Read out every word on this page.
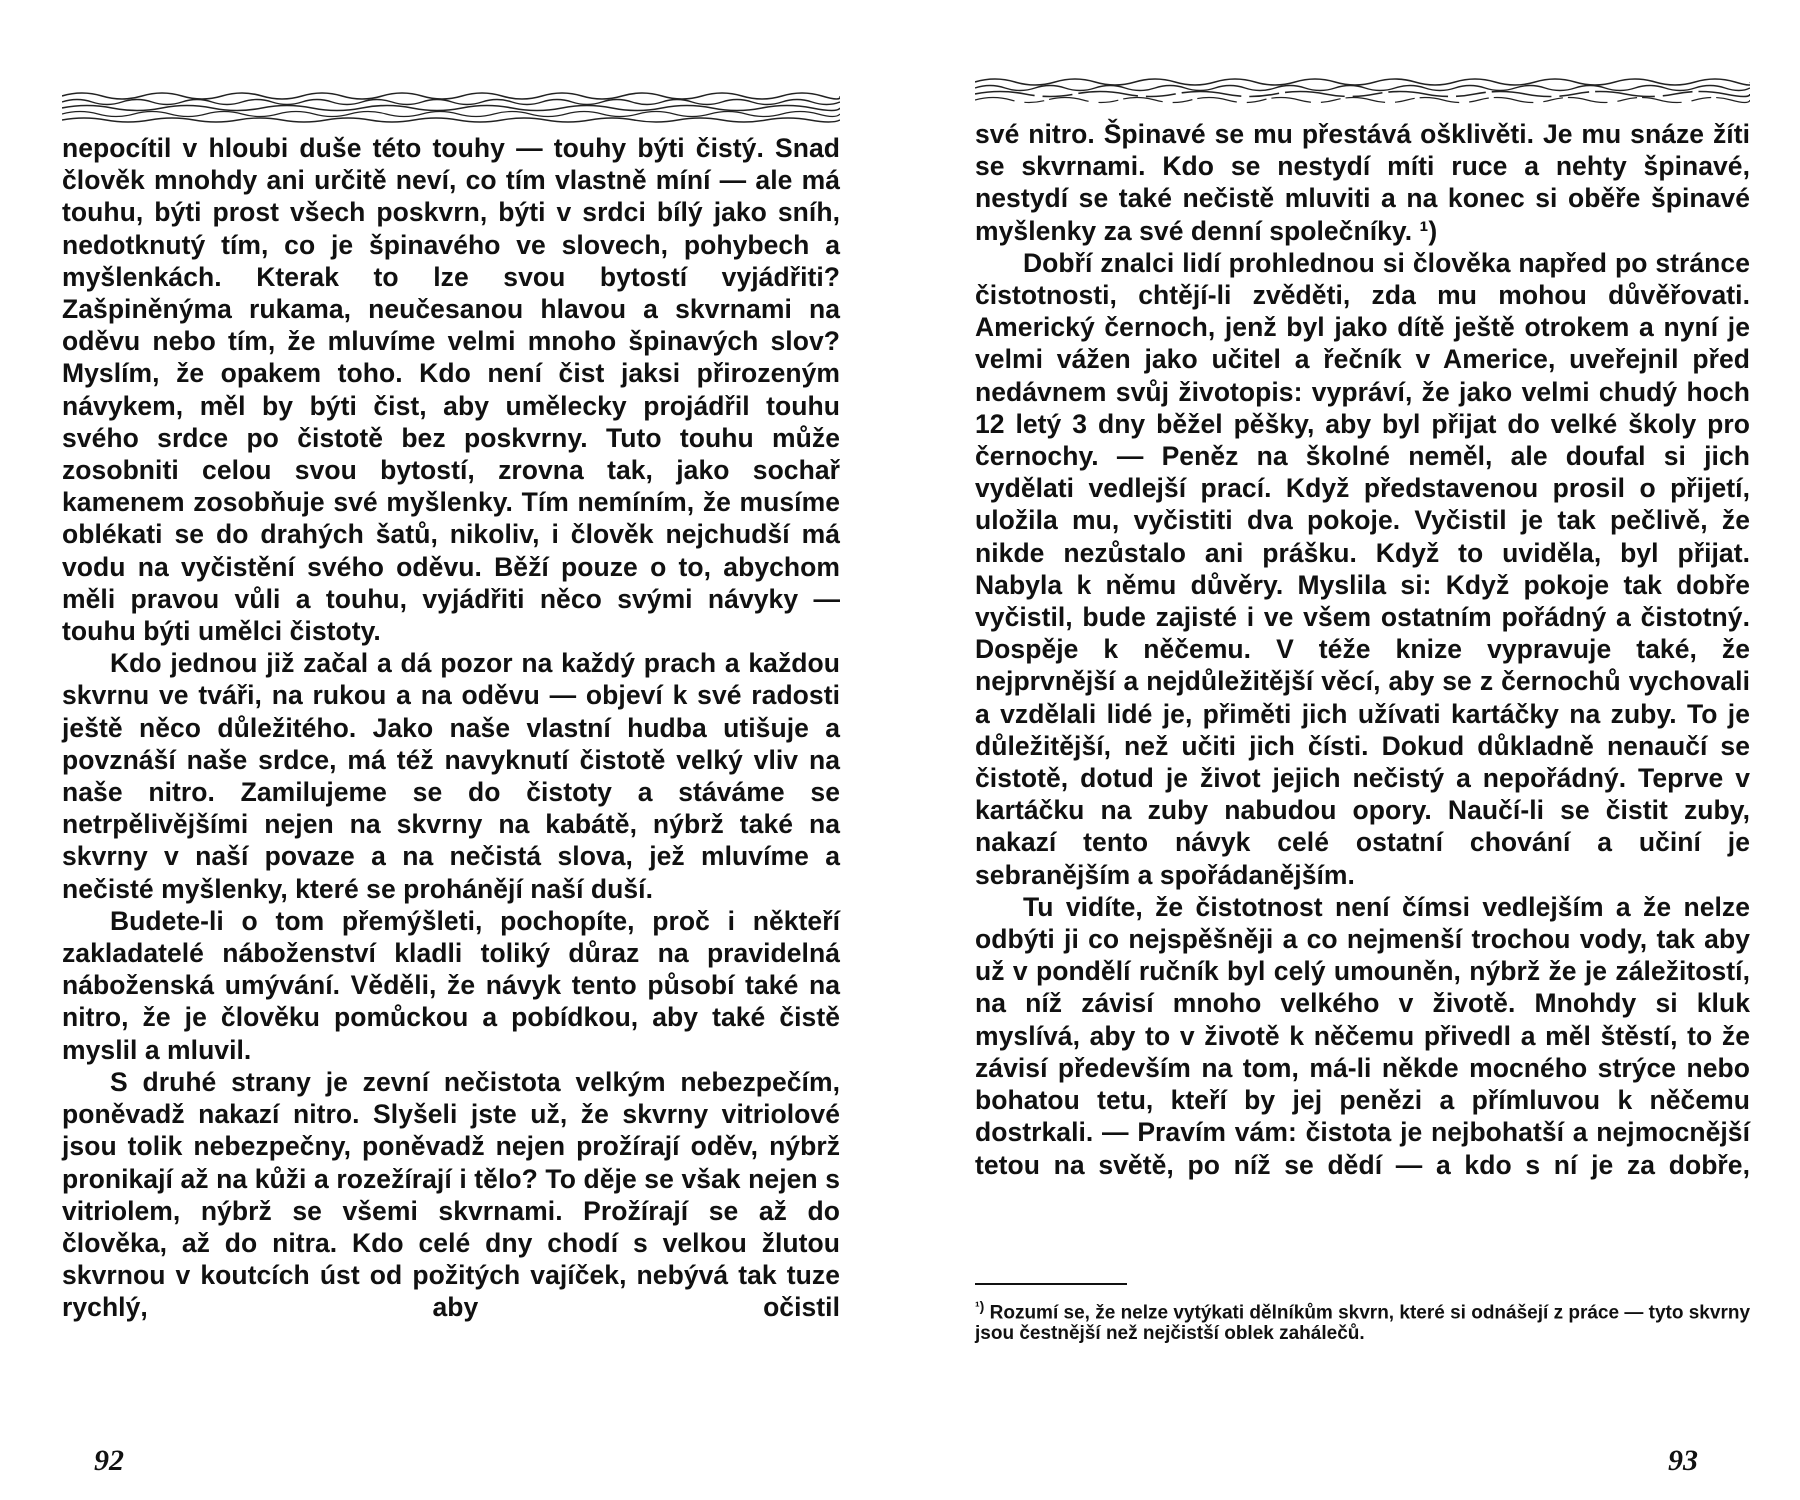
nepocítil v hloubi duše této touhy — touhy býti čistý. Snad člověk mnohdy ani určitě neví, co tím vlastně míní — ale má touhu, býti prost všech poskvrn, býti v srdci bílý jako sníh, nedotknutý tím, co je špinavého ve slovech, pohybech a myšlenkách. Kterak to lze svou bytostí vyjádřiti? Zašpiněnýma rukama, neučesanou hlavou a skvrnami na oděvu nebo tím, že mluvíme velmi mnoho špinavých slov? Myslím, že opakem toho. Kdo není čist jaksi přirozeným návykem, měl by býti čist, aby umělecky projádřil touhu svého srdce po čistotě bez poskvrny. Tuto touhu může zosobniti celou svou bytostí, zrovna tak, jako sochař kamenem zosobňuje své myšlenky. Tím nemíním, že musíme oblékati se do drahých šatů, nikoliv, i člověk nejchudší má vodu na vyčistění svého oděvu. Běží pouze o to, abychom měli pravou vůli a touhu, vyjádřiti něco svými návyky — touhu býti umělci čistoty.

Kdo jednou již začal a dá pozor na každý prach a každou skvrnu ve tváři, na rukou a na oděvu — objeví k své radosti ještě něco důležitého. Jako naše vlastní hudba utišuje a povznáší naše srdce, má též navyknutí čistotě velký vliv na naše nitro. Zamilujeme se do čistoty a stáváme se netrpělivějšími nejen na skvrny na kabátě, nýbrž také na skvrny v naší povaze a na nečistá slova, jež mluvíme a nečisté myšlenky, které se prohánějí naší duší.

Budete-li o tom přemýšleti, pochopíte, proč i někteří zakladatelé náboženství kladli toliký důraz na pravidelná náboženská umývání. Věděli, že návyk tento působí také na nitro, že je člověku pomůckou a pobídkou, aby také čistě myslil a mluvil.

S druhé strany je zevní nečistota velkým nebezpečím, poněvadž nakazí nitro. Slyšeli jste už, že skvrny vitriolové jsou tolik nebezpečny, poněvadž nejen prožírají oděv, nýbrž pronikají až na kůži a rozežírají i tělo? To děje se však nejen s vitriolem, nýbrž se všemi skvrnami. Prožírají se až do člověka, až do nitra. Kdo celé dny chodí s velkou žlutou skvrnou v koutcích úst od požitých vajíček, nebývá tak tuze rychlý, aby očistil

92

své nitro. Špinavé se mu přestává ošklivěti. Je mu snáze žíti se skvrnami. Kdo se nestydí míti ruce a nehty špinavé, nestydí se také nečistě mluviti a na konec si oběře špinavé myšlenky za své denní společníky. ¹)

Dobří znalci lidí prohlednou si člověka napřed po stránce čistotnosti, chtějí-li zvěděti, zda mu mohou důvěřovati. Americký černoch, jenž byl jako dítě ještě otrokem a nyní je velmi vážen jako učitel a řečník v Americe, uveřejnil před nedávnem svůj životopis: vypráví, že jako velmi chudý hoch 12 letý 3 dny běžel pěšky, aby byl přijat do velké školy pro černochy. — Peněz na školné neměl, ale doufal si jich vydělati vedlejší prací. Když představenou prosil o přijetí, uložila mu, vyčistiti dva pokoje. Vyčistil je tak pečlivě, že nikde nezůstalo ani prášku. Když to uviděla, byl přijat. Nabyla k němu důvěry. Myslila si: Když pokoje tak dobře vyčistil, bude zajisté i ve všem ostatním pořádný a čistotný. Dospěje k něčemu. V téže knize vypravuje také, že nejprvnější a nejdůležitější věcí, aby se z černochů vychovali a vzdělali lidé je, přiměti jich užívati kartáčky na zuby. To je důležitější, než učiti jich čísti. Dokud důkladně nenaučí se čistotě, dotud je život jejich nečistý a nepořádný. Teprve v kartáčku na zuby nabudou opory. Naučí-li se čistit zuby, nakazí tento návyk celé ostatní chování a učiní je sebranějším a spořádanějším.

Tu vidíte, že čistotnost není čímsi vedlejším a že nelze odbýti ji co nejspěšněji a co nejmenší trochou vody, tak aby už v pondělí ručník byl celý umouněn, nýbrž že je záležitostí, na níž závisí mnoho velkého v životě. Mnohdy si kluk myslívá, aby to v životě k něčemu přivedl a měl štěstí, to že závisí především na tom, má-li někde mocného strýce nebo bohatou tetu, kteří by jej penězi a přímluvou k něčemu dostrkali. — Pravím vám: čistota je nejbohatší a nejmocnější tetou na světě, po níž se dědí — a kdo s ní je za dobře,

$^{^1)}$ Rozumí se, že nelze vytýkati dělníkům skvrn, které si odnášejí z práce — tyto skvrny jsou čestnější než nejčistší oblek zahálečů.
93
